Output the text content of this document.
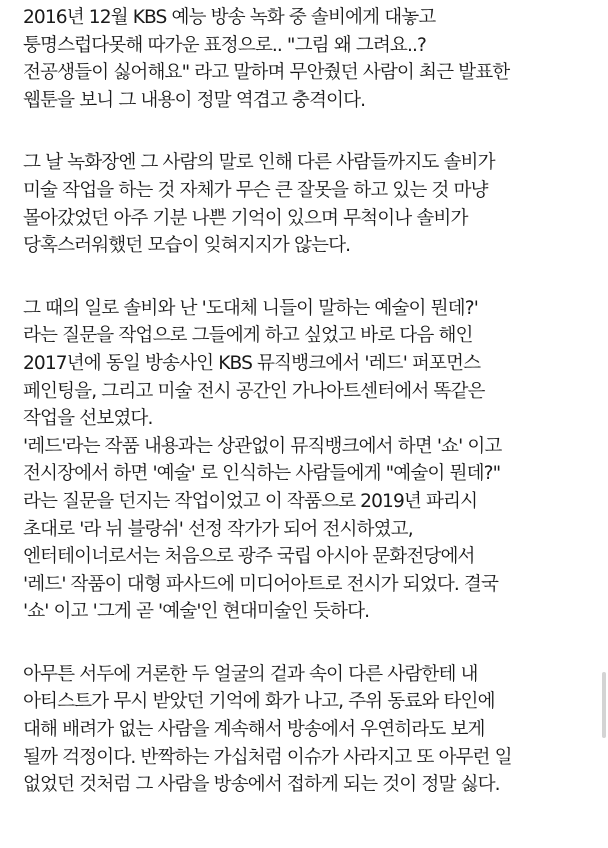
2016년 12월 KBS 예능 방송 녹화 중 솔비에게 대놓고
퉁명스럽다못해 따가운 표정으로.. "그림 왜 그려요..?
전공생들이 싫어해요" 라고 말하며 무안줬던 사람이 최근 발표한
웹툰을 보니 그 내용이 정말 역겹고 충격이다.
그 날 녹화장엔 그 사람의 말로 인해 다른 사람들까지도 솔비가
미술 작업을 하는 것 자체가 무슨 큰 잘못을 하고 있는 것 마냥
몰아갔었던 아주 기분 나쁜 기억이 있으며 무척이나 솔비가
당혹스러워했던 모습이 잊혀지지가 않는다.
그 때의 일로 솔비와 난 '도대체 니들이 말하는 예술이 뭔데?'
라는 질문을 작업으로 그들에게 하고 싶었고 바로 다음 해인
2017년에 동일 방송사인 KBS 뮤직뱅크에서 '레드' 퍼포먼스
페인팅을, 그리고 미술 전시 공간인 가나아트센터에서 똑같은
작업을 선보였다.
'레드'라는 작품 내용과는 상관없이 뮤직뱅크에서 하면 '쇼' 이고
전시장에서 하면 '예술' 로 인식하는 사람들에게 "예술이 뭔데?"
라는 질문을 던지는 작업이었고 이 작품으로 2019년 파리시
초대로 '라 뉘 블랑쉬' 선정 작가가 되어 전시하였고,
엔터테이너로서는 처음으로 광주 국립 아시아 문화전당에서
'레드' 작품이 대형 파사드에 미디어아트로 전시가 되었다. 결국
'쇼' 이고 '그게 곧 '예술'인 현대미술인 듯하다.
아무튼 서두에 거론한 두 얼굴의 겉과 속이 다른 사람한테 내
아티스트가 무시 받았던 기억에 화가 나고, 주위 동료와 타인에
대해 배려가 없는 사람을 계속해서 방송에서 우연히라도 보게
될까 걱정이다. 반짝하는 가십처럼 이슈가 사라지고 또 아무런 일
없었던 것처럼 그 사람을 방송에서 접하게 되는 것이 정말 싫다.
